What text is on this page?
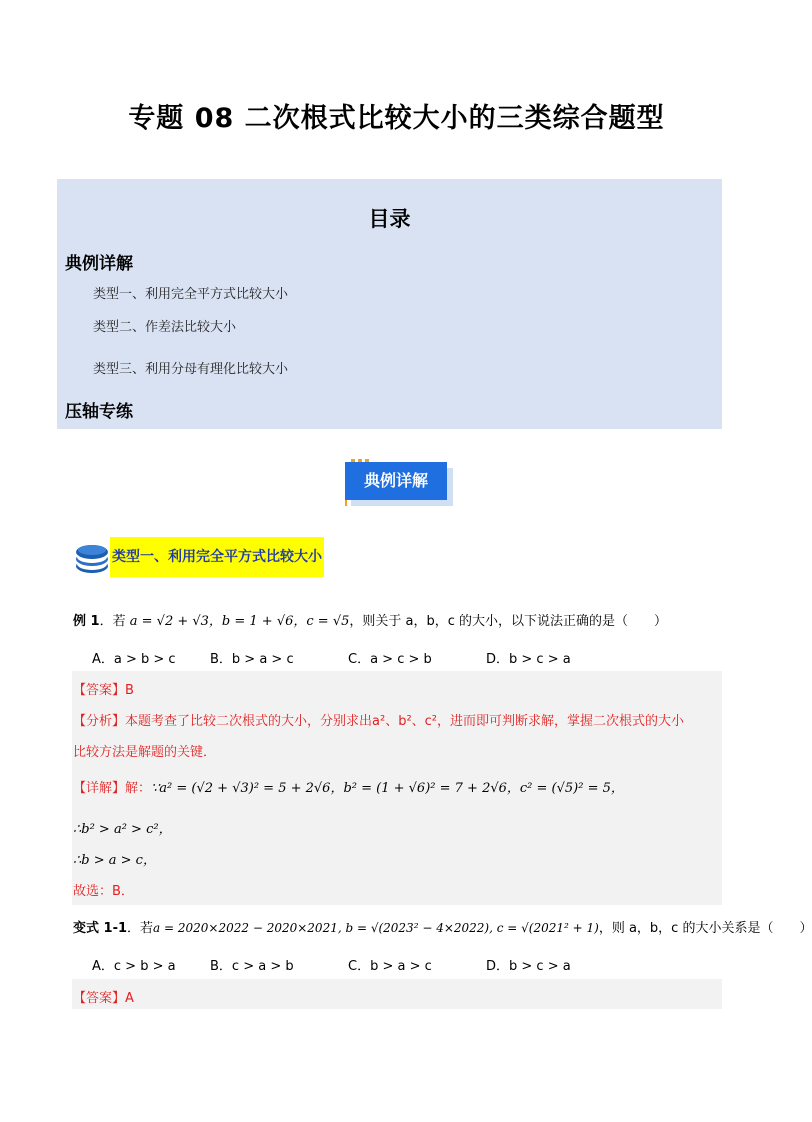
专题 08 二次根式比较大小的三类综合题型
目录
典例详解
类型一、利用完全平方式比较大小
类型二、作差法比较大小
类型三、利用分母有理化比较大小
压轴专练
典例详解
类型一、利用完全平方式比较大小
例 1．若 a = √2 + √3，b = 1 + √6，c = √5，则关于 a，b，c 的大小，以下说法正确的是（　　）
A．a > b > c	B．b > a > c	C．a > c > b	D．b > c > a
【答案】B
【分析】本题考查了比较二次根式的大小，分别求出a²、b²、c²，进而即可判断求解，掌握二次根式的大小
比较方法是解题的关键．
【详解】解：∵a² = (√2 + √3)² = 5 + 2√6，b² = (1 + √6)² = 7 + 2√6，c² = (√5)² = 5，
∴b² > a² > c²，
∴b > a > c，
故选：B．
变式 1-1．若a = 2020×2022 − 2020×2021, b = √(2023² − 4×2022), c = √(2021² + 1)，则 a，b，c 的大小关系是（　　）
A．c > b > a	B．c > a > b	C．b > a > c	D．b > c > a
【答案】A
